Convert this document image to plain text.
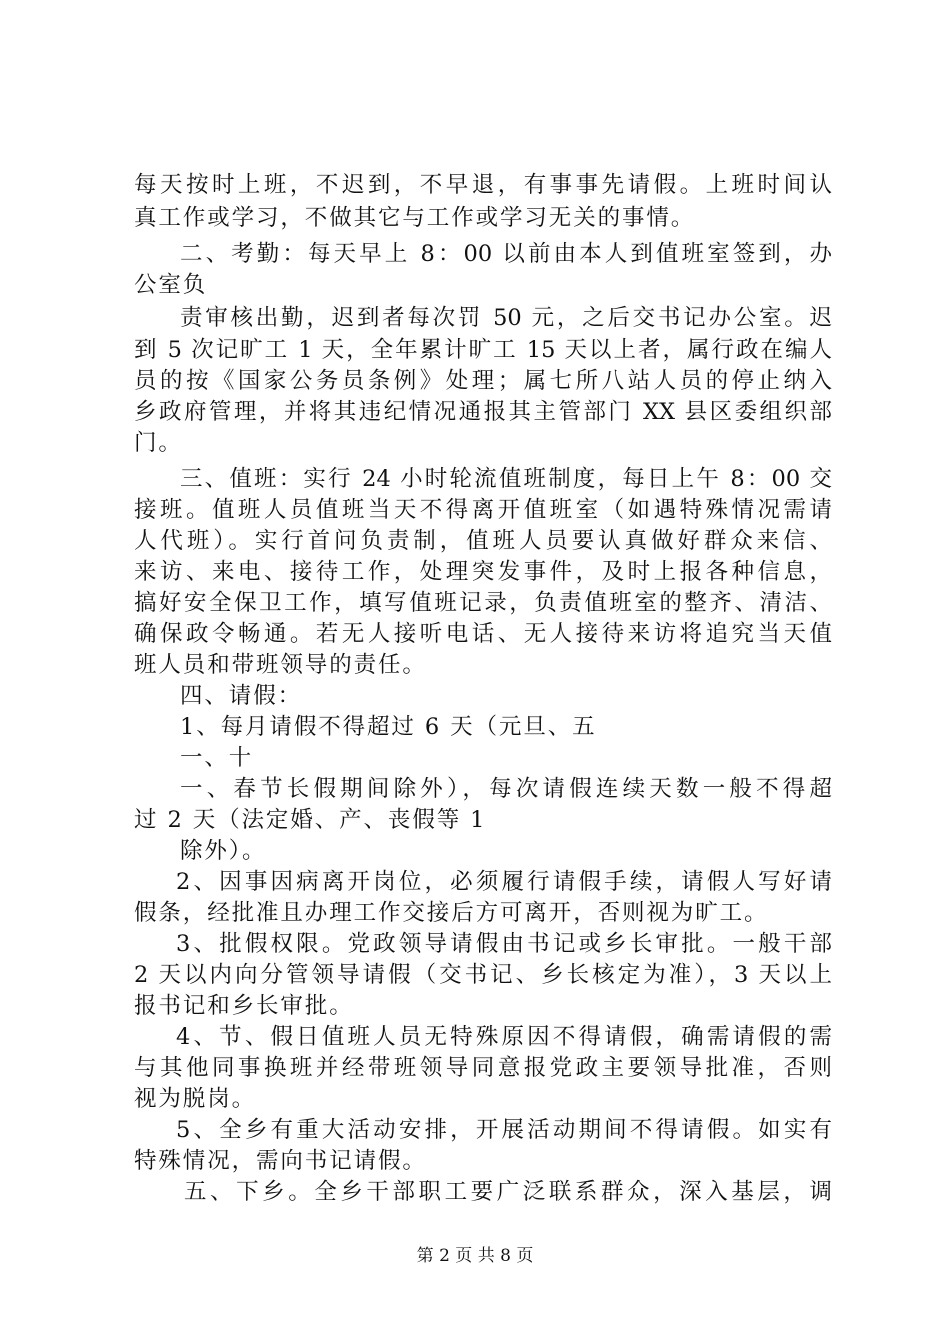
每天按时上班，不迟到，不早退，有事事先请假。上班时间认
真工作或学习，不做其它与工作或学习无关的事情。
二、考勤：每天早上 8：00 以前由本人到值班室签到，办
公室负
责审核出勤，迟到者每次罚 50 元，之后交书记办公室。迟
到 5 次记旷工 1 天，全年累计旷工 15 天以上者，属行政在编人
员的按《国家公务员条例》处理；属七所八站人员的停止纳入
乡政府管理，并将其违纪情况通报其主管部门 XX 县区委组织部
门。
三、值班：实行 24 小时轮流值班制度，每日上午 8：00 交
接班。值班人员值班当天不得离开值班室（如遇特殊情况需请
人代班）。实行首问负责制，值班人员要认真做好群众来信、
来访、来电、接待工作，处理突发事件，及时上报各种信息，
搞好安全保卫工作，填写值班记录，负责值班室的整齐、清洁、
确保政令畅通。若无人接听电话、无人接待来访将追究当天值
班人员和带班领导的责任。
四、请假：
1、每月请假不得超过 6 天（元旦、五
一、十
一、春节长假期间除外），每次请假连续天数一般不得超
过 2 天（法定婚、产、丧假等 1
除外）。
2、因事因病离开岗位，必须履行请假手续，请假人写好请
假条，经批准且办理工作交接后方可离开，否则视为旷工。
3、批假权限。党政领导请假由书记或乡长审批。一般干部
2 天以内向分管领导请假（交书记、乡长核定为准），3 天以上
报书记和乡长审批。
4、节、假日值班人员无特殊原因不得请假，确需请假的需
与其他同事换班并经带班领导同意报党政主要领导批准，否则
视为脱岗。
5、全乡有重大活动安排，开展活动期间不得请假。如实有
特殊情况，需向书记请假。
五、下乡。全乡干部职工要广泛联系群众，深入基层，调
第 2 页 共 8 页
